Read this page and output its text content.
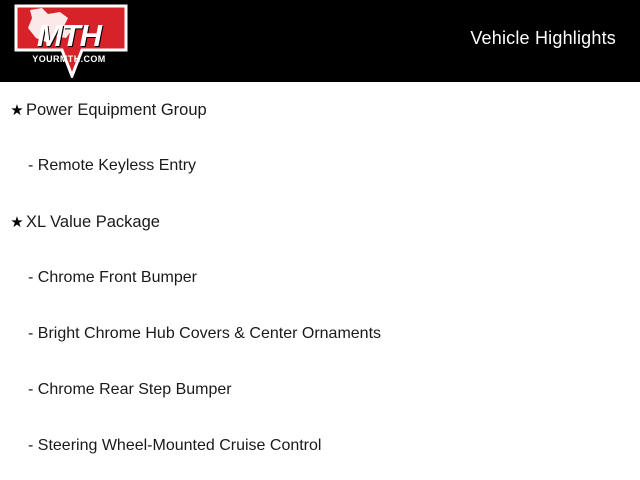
MTH
YOURMTH.COM
Vehicle Highlights
★ Power Equipment Group
- Remote Keyless Entry
★ XL Value Package
- Chrome Front Bumper
- Bright Chrome Hub Covers & Center Ornaments
- Chrome Rear Step Bumper
- Steering Wheel-Mounted Cruise Control
